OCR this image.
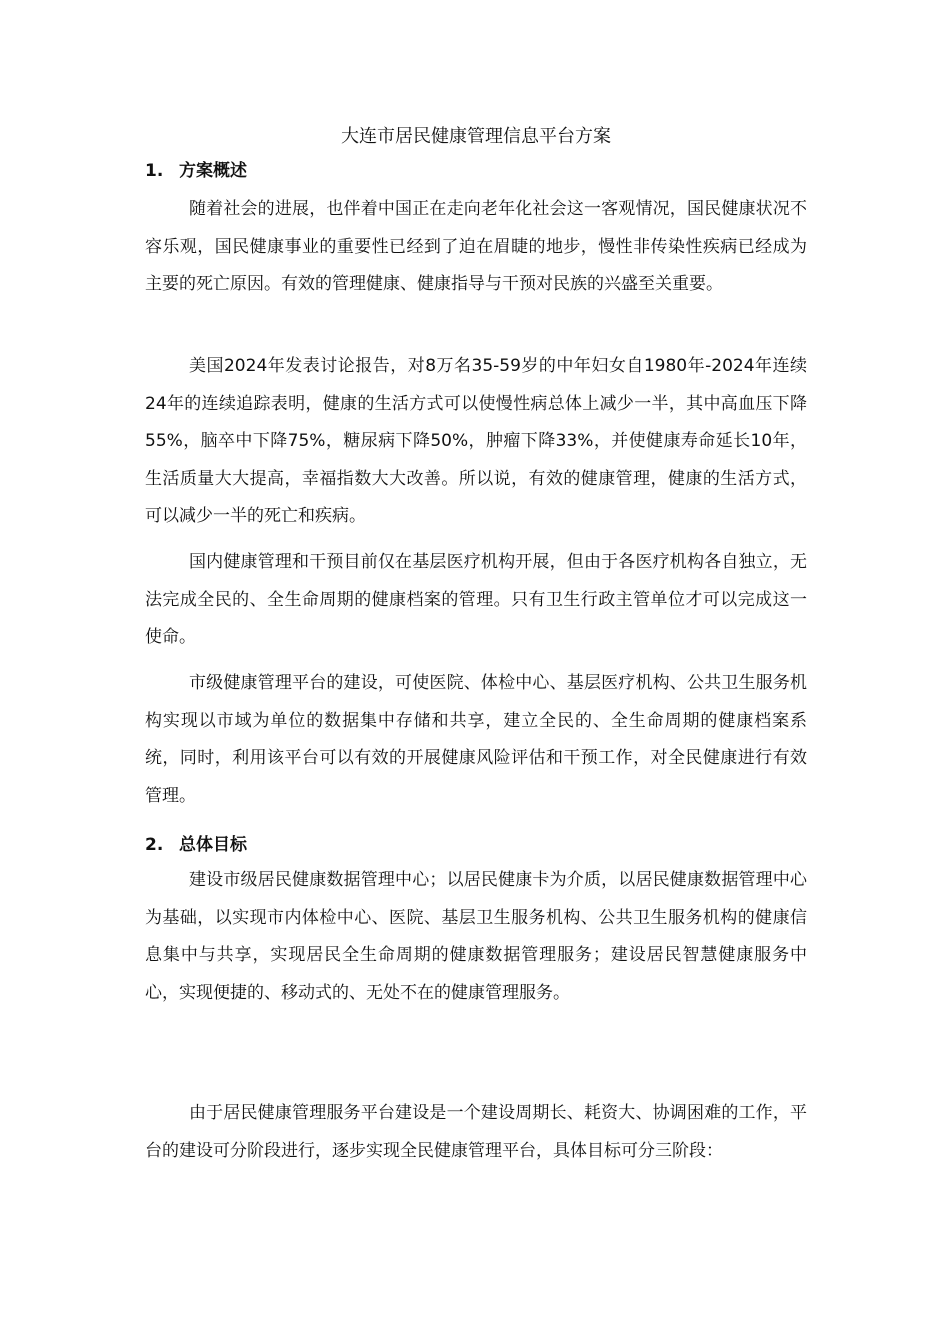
大连市居民健康管理信息平台方案
1. 方案概述

随着社会的进展，也伴着中国正在走向老年化社会这一客观情况，国民健康状况不容乐观，国民健康事业的重要性已经到了迫在眉睫的地步，慢性非传染性疾病已经成为主要的死亡原因。有效的管理健康、健康指导与干预对民族的兴盛至关重要。

美国2024年发表讨论报告，对8万名35-59岁的中年妇女自1980年-2024年连续24年的连续追踪表明，健康的生活方式可以使慢性病总体上减少一半，其中高血压下降55%，脑卒中下降75%，糖尿病下降50%，肿瘤下降33%，并使健康寿命延长10年，生活质量大大提高，幸福指数大大改善。所以说，有效的健康管理，健康的生活方式，可以减少一半的死亡和疾病。

国内健康管理和干预目前仅在基层医疗机构开展，但由于各医疗机构各自独立，无法完成全民的、全生命周期的健康档案的管理。只有卫生行政主管单位才可以完成这一使命。

市级健康管理平台的建设，可使医院、体检中心、基层医疗机构、公共卫生服务机构实现以市域为单位的数据集中存储和共享，建立全民的、全生命周期的健康档案系统，同时，利用该平台可以有效的开展健康风险评估和干预工作，对全民健康进行有效管理。

2. 总体目标

建设市级居民健康数据管理中心；以居民健康卡为介质，以居民健康数据管理中心为基础，以实现市内体检中心、医院、基层卫生服务机构、公共卫生服务机构的健康信息集中与共享，实现居民全生命周期的健康数据管理服务；建设居民智慧健康服务中心，实现便捷的、移动式的、无处不在的健康管理服务。

由于居民健康管理服务平台建设是一个建设周期长、耗资大、协调困难的工作，平台的建设可分阶段进行，逐步实现全民健康管理平台，具体目标可分三阶段：
